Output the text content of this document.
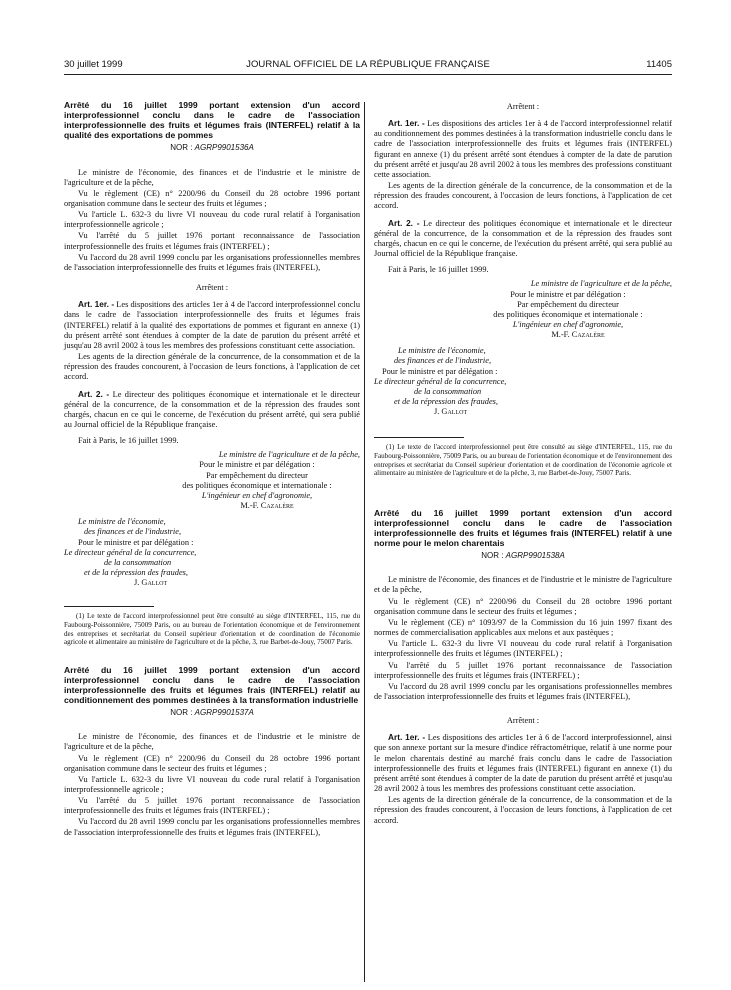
30 juillet 1999	JOURNAL OFFICIEL DE LA RÉPUBLIQUE FRANÇAISE	11405
Arrêté du 16 juillet 1999 portant extension d'un accord interprofessionnel conclu dans le cadre de l'association interprofessionnelle des fruits et légumes frais (INTERFEL) relatif à la qualité des exportations de pommes
NOR : AGRP9901536A

Le ministre de l'économie, des finances et de l'industrie et le ministre de l'agriculture et de la pêche,

Vu le règlement (CE) n° 2200/96 du Conseil du 28 octobre 1996 portant organisation commune dans le secteur des fruits et légumes ;

Vu l'article L. 632-3 du livre VI nouveau du code rural relatif à l'organisation interprofessionnelle agricole ;

Vu l'arrêté du 5 juillet 1976 portant reconnaissance de l'association interprofessionnelle des fruits et légumes frais (INTERFEL) ;

Vu l'accord du 28 avril 1999 conclu par les organisations professionnelles membres de l'association interprofessionnelle des fruits et légumes frais (INTERFEL),

Arrêtent :

Art. 1er. - Les dispositions des articles 1er à 4 de l'accord interprofessionnel conclu dans le cadre de l'association interprofessionnelle des fruits et légumes frais (INTERFEL) relatif à la qualité des exportations de pommes et figurant en annexe (1) du présent arrêté sont étendues à compter de la date de parution du présent arrêté et jusqu'au 28 avril 2002 à tous les membres des professions constituant cette association.

Les agents de la direction générale de la concurrence, de la consommation et de la répression des fraudes concourent, à l'occasion de leurs fonctions, à l'application de cet accord.

Art. 2. - Le directeur des politiques économique et internationale et le directeur général de la concurrence, de la consommation et de la répression des fraudes sont chargés, chacun en ce qui le concerne, de l'exécution du présent arrêté, qui sera publié au Journal officiel de la République française.

Fait à Paris, le 16 juillet 1999.

Le ministre de l'agriculture et de la pêche,

Pour le ministre et par délégation :

Par empêchement du directeur

des politiques économique et internationale :

L'ingénieur en chef d'agronomie,

M.-F. Cazalère

Le ministre de l'économie,

des finances et de l'industrie,

Pour le ministre et par délégation :

Le directeur général de la concurrence,

de la consommation

et de la répression des fraudes,

J. Gallot

(1) Le texte de l'accord interprofessionnel peut être consulté au siège d'INTERFEL, 115, rue du Faubourg-Poissonnière, 75009 Paris, ou au bureau de l'orientation économique et de l'environnement des entreprises et secrétariat du Conseil supérieur d'orientation et de coordination de l'économie agricole et alimentaire au ministère de l'agriculture et de la pêche, 3, rue Barbet-de-Jouy, 75007 Paris.

Arrêté du 16 juillet 1999 portant extension d'un accord interprofessionnel conclu dans le cadre de l'association interprofessionnelle des fruits et légumes frais (INTERFEL) relatif au conditionnement des pommes destinées à la transformation industrielle
NOR : AGRP9901537A

Le ministre de l'économie, des finances et de l'industrie et le ministre de l'agriculture et de la pêche,

Vu le règlement (CE) n° 2200/96 du Conseil du 28 octobre 1996 portant organisation commune dans le secteur des fruits et légumes ;

Vu l'article L. 632-3 du livre VI nouveau du code rural relatif à l'organisation interprofessionnelle agricole ;

Vu l'arrêté du 5 juillet 1976 portant reconnaissance de l'association interprofessionnelle des fruits et légumes frais (INTERFEL) ;

Vu l'accord du 28 avril 1999 conclu par les organisations professionnelles membres de l'association interprofessionnelle des fruits et légumes frais (INTERFEL),

Arrêtent :

Art. 1er. - Les dispositions des articles 1er à 4 de l'accord interprofessionnel relatif au conditionnement des pommes destinées à la transformation industrielle conclu dans le cadre de l'association interprofessionnelle des fruits et légumes frais (INTERFEL) figurant en annexe (1) du présent arrêté sont étendues à compter de la date de parution du présent arrêté et jusqu'au 28 avril 2002 à tous les membres des professions constituant cette association.

Les agents de la direction générale de la concurrence, de la consommation et de la répression des fraudes concourent, à l'occasion de leurs fonctions, à l'application de cet accord.

Art. 2. - Le directeur des politiques économique et internationale et le directeur général de la concurrence, de la consommation et de la répression des fraudes sont chargés, chacun en ce qui le concerne, de l'exécution du présent arrêté, qui sera publié au Journal officiel de la République française.

Fait à Paris, le 16 juillet 1999.

Le ministre de l'agriculture et de la pêche,

Pour le ministre et par délégation :

Par empêchement du directeur

des politiques économique et internationale :

L'ingénieur en chef d'agronomie,

M.-F. Cazalère

Le ministre de l'économie,

des finances et de l'industrie,

Pour le ministre et par délégation :

Le directeur général de la concurrence,

de la consommation

et de la répression des fraudes,

J. Gallot

(1) Le texte de l'accord interprofessionnel peut être consulté au siège d'INTERFEL, 115, rue du Faubourg-Poissonnière, 75009 Paris, ou au bureau de l'orientation économique et de l'environnement des entreprises et secrétariat du Conseil supérieur d'orientation et de coordination de l'économie agricole et alimentaire au ministère de l'agriculture et de la pêche, 3, rue Barbet-de-Jouy, 75007 Paris.

Arrêté du 16 juillet 1999 portant extension d'un accord interprofessionnel conclu dans le cadre de l'association interprofessionnelle des fruits et légumes frais (INTERFEL) relatif à une norme pour le melon charentais
NOR : AGRP9901538A

Le ministre de l'économie, des finances et de l'industrie et le ministre de l'agriculture et de la pêche,

Vu le règlement (CE) n° 2200/96 du Conseil du 28 octobre 1996 portant organisation commune dans le secteur des fruits et légumes ;

Vu le règlement (CE) n° 1093/97 de la Commission du 16 juin 1997 fixant des normes de commercialisation applicables aux melons et aux pastèques ;

Vu l'article L. 632-3 du livre VI nouveau du code rural relatif à l'organisation interprofessionnelle des fruits et légumes (INTERFEL) ;

Vu l'arrêté du 5 juillet 1976 portant reconnaissance de l'association interprofessionnelle des fruits et légumes frais (INTERFEL) ;

Vu l'accord du 28 avril 1999 conclu par les organisations professionnelles membres de l'association interprofessionnelle des fruits et légumes frais (INTERFEL),

Arrêtent :

Art. 1er. - Les dispositions des articles 1er à 6 de l'accord interprofessionnel, ainsi que son annexe portant sur la mesure d'indice réfractométrique, relatif à une norme pour le melon charentais destiné au marché frais conclu dans le cadre de l'association interprofessionnelle des fruits et légumes frais (INTERFEL) figurant en annexe (1) du présent arrêté sont étendues à compter de la date de parution du présent arrêté et jusqu'au 28 avril 2002 à tous les membres des professions constituant cette association.

Les agents de la direction générale de la concurrence, de la consommation et de la répression des fraudes concourent, à l'occasion de leurs fonctions, à l'application de cet accord.
